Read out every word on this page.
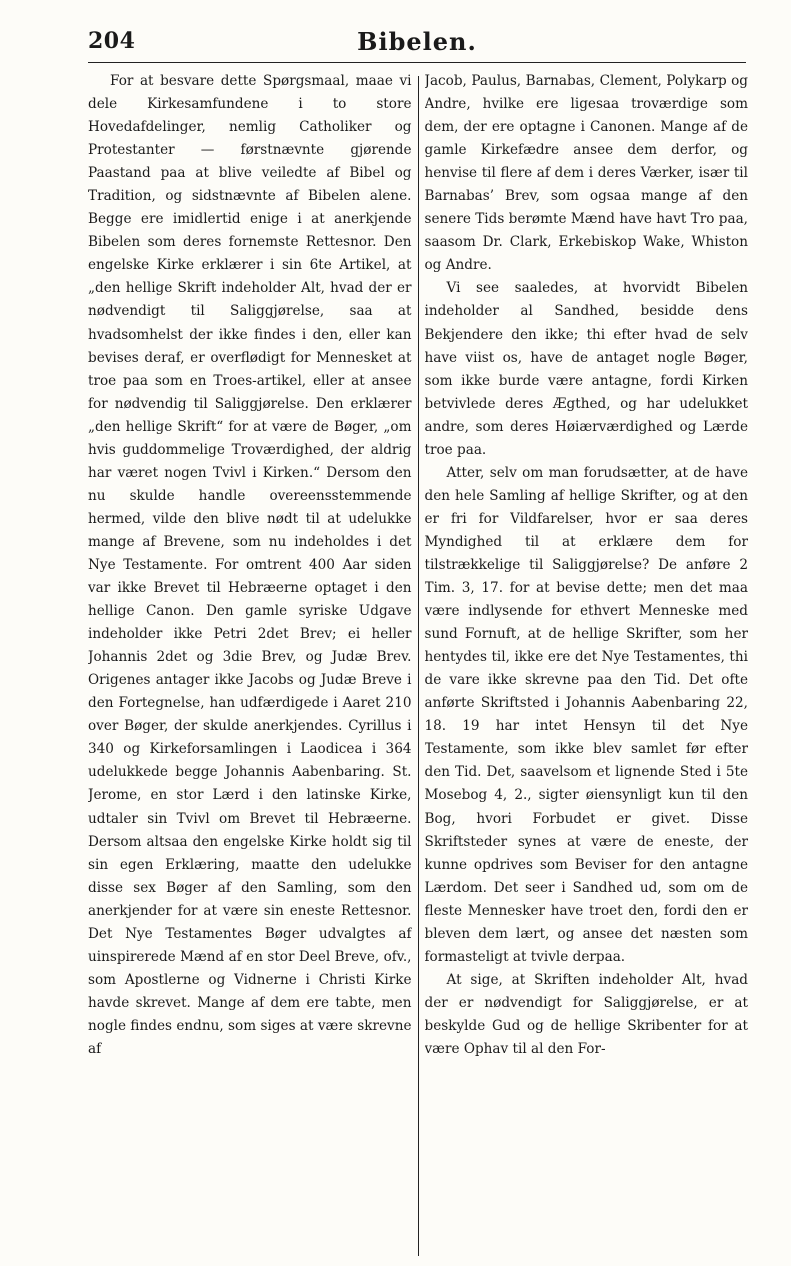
204	Bibelen.

For at besvare dette Spørgsmaal, maae vi dele Kirkesamfundene i to store Hovedafdelinger, nemlig Catholiker og Protestanter — førstnævnte gjørende Paastand paa at blive veiledte af Bibel og Tradition, og sidstnævnte af Bibelen alene. Begge ere imidlertid enige i at anerkjende Bibelen som deres fornemste Rettesnor. Den engelske Kirke erklærer i sin 6te Artikel, at „den hellige Skrift indeholder Alt, hvad der er nødvendigt til Saliggjørelse, saa at hvadsomhelst der ikke findes i den, eller kan bevises deraf, er overflødigt for Mennesket at troe paa som en Troes-artikel, eller at ansee for nødvendig til Saliggjørelse. Den erklærer „den hellige Skrift“ for at være de Bøger, „om hvis guddommelige Troværdighed, der aldrig har været nogen Tvivl i Kirken.“ Dersom den nu skulde handle overeensstemmende hermed, vilde den blive nødt til at udelukke mange af Brevene, som nu indeholdes i det Nye Testamente. For omtrent 400 Aar siden var ikke Brevet til Hebræerne optaget i den hellige Canon. Den gamle syriske Udgave indeholder ikke Petri 2det Brev; ei heller Johannis 2det og 3die Brev, og Judæ Brev. Origenes antager ikke Jacobs og Judæ Breve i den Fortegnelse, han udfærdigede i Aaret 210 over Bøger, der skulde anerkjendes. Cyrillus i 340 og Kirkeforsamlingen i Laodicea i 364 udelukkede begge Johannis Aabenbaring. St. Jerome, en stor Lærd i den latinske Kirke, udtaler sin Tvivl om Brevet til Hebræerne. Dersom altsaa den engelske Kirke holdt sig til sin egen Erklæring, maatte den udelukke disse sex Bøger af den Samling, som den anerkjender for at være sin eneste Rettesnor. Det Nye Testamentes Bøger udvalgtes af uinspirerede Mænd af en stor Deel Breve, ofv., som Apostlerne og Vidnerne i Christi Kirke havde skrevet. Mange af dem ere tabte, men nogle findes endnu, som siges at være skrevne af

Jacob, Paulus, Barnabas, Clement, Polykarp og Andre, hvilke ere ligesaa troværdige som dem, der ere optagne i Canonen. Mange af de gamle Kirkefædre ansee dem derfor, og henvise til flere af dem i deres Værker, især til Barnabas’ Brev, som ogsaa mange af den senere Tids berømte Mænd have havt Tro paa, saasom Dr. Clark, Erkebiskop Wake, Whiston og Andre.

Vi see saaledes, at hvorvidt Bibelen indeholder al Sandhed, besidde dens Bekjendere den ikke; thi efter hvad de selv have viist os, have de antaget nogle Bøger, som ikke burde være antagne, fordi Kirken betvivlede deres Ægthed, og har udelukket andre, som deres Høiærværdighed og Lærde troe paa.

Atter, selv om man forudsætter, at de have den hele Samling af hellige Skrifter, og at den er fri for Vildfarelser, hvor er saa deres Myndighed til at erklære dem for tilstrækkelige til Saliggjørelse? De anføre 2 Tim. 3, 17. for at bevise dette; men det maa være indlysende for ethvert Menneske med sund Fornuft, at de hellige Skrifter, som her hentydes til, ikke ere det Nye Testamentes, thi de vare ikke skrevne paa den Tid. Det ofte anførte Skriftsted i Johannis Aabenbaring 22, 18. 19 har intet Hensyn til det Nye Testamente, som ikke blev samlet før efter den Tid. Det, saavelsom et lignende Sted i 5te Mosebog 4, 2., sigter øiensynligt kun til den Bog, hvori Forbudet er givet. Disse Skriftsteder synes at være de eneste, der kunne opdrives som Beviser for den antagne Lærdom. Det seer i Sandhed ud, som om de fleste Mennesker have troet den, fordi den er bleven dem lært, og ansee det næsten som formasteligt at tvivle derpaa.

At sige, at Skriften indeholder Alt, hvad der er nødvendigt for Saliggjørelse, er at beskylde Gud og de hellige Skribenter for at være Ophav til al den For-
